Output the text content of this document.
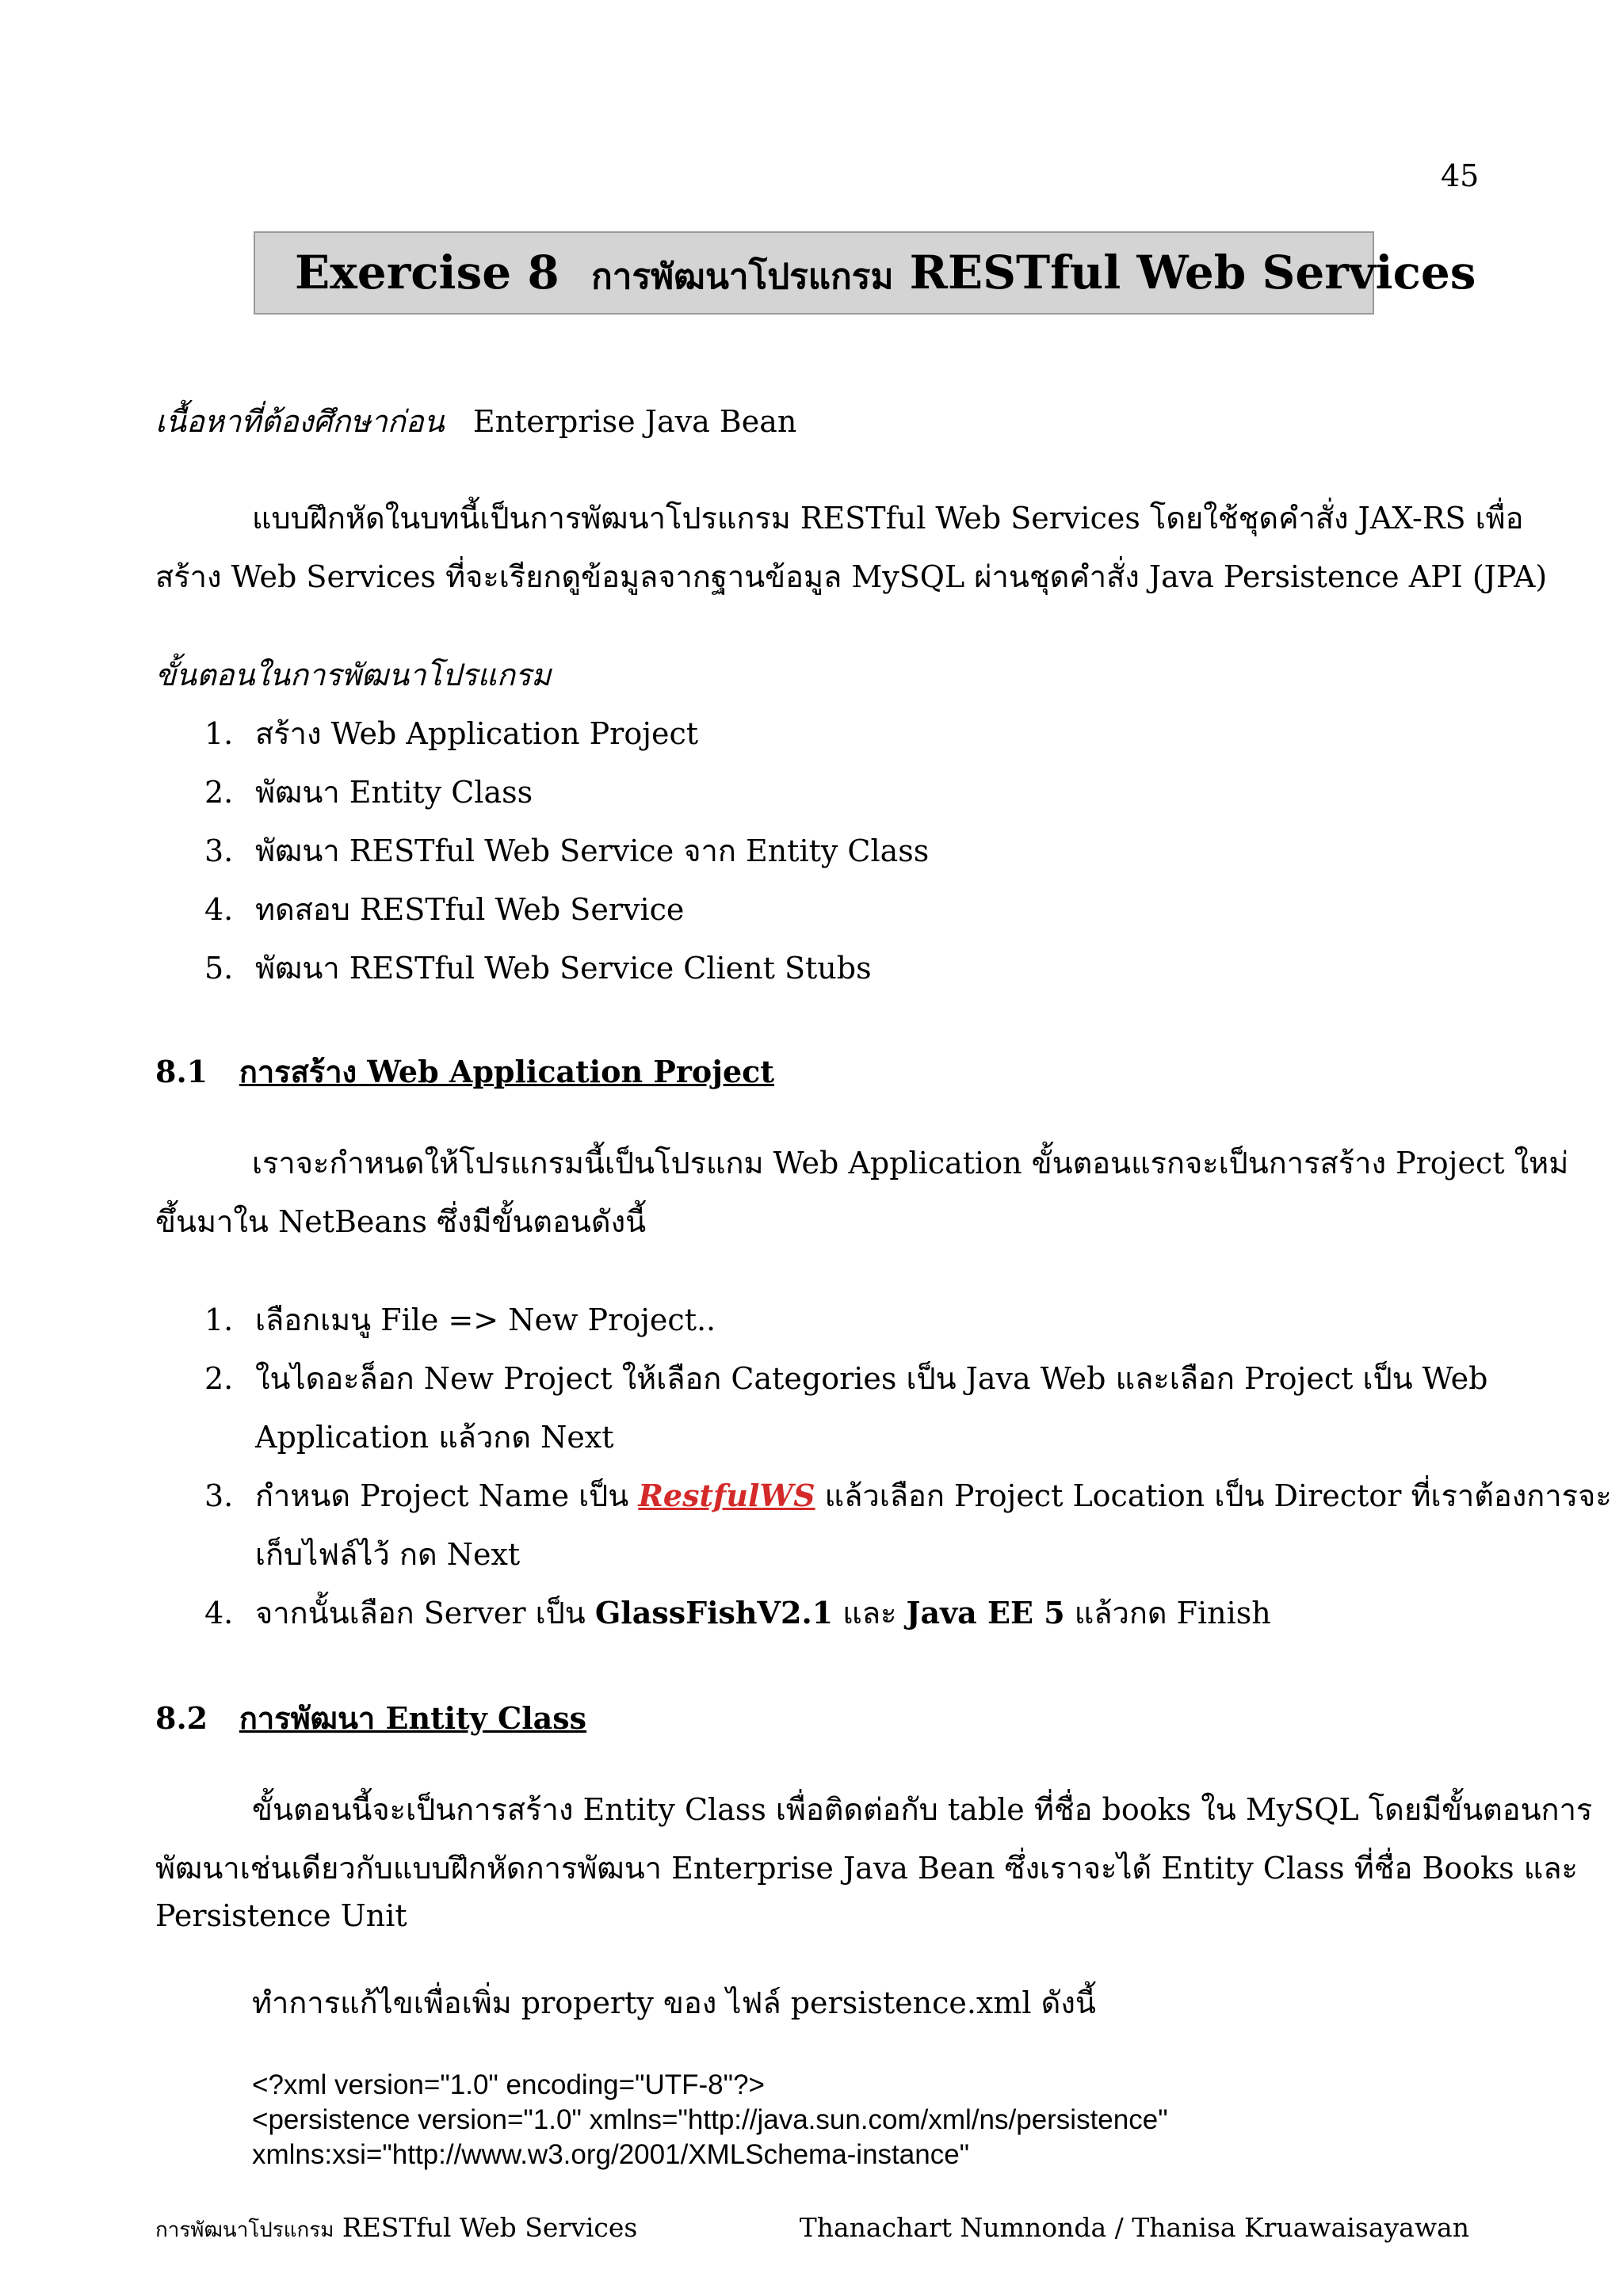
45
Exercise 8 การพัฒนาโปรแกรม RESTful Web Services
เนื้อหาที่ต้องศึกษาก่อน Enterprise Java Bean
แบบฝึกหัดในบทนี้เป็นการพัฒนาโปรแกรม RESTful Web Services โดยใช้ชุดคำสั่ง JAX-RS เพื่อ
สร้าง Web Services ที่จะเรียกดูข้อมูลจากฐานข้อมูล MySQL ผ่านชุดคำสั่ง Java Persistence API (JPA)
ขั้นตอนในการพัฒนาโปรแกรม
1. สร้าง Web Application Project
2. พัฒนา Entity Class
3. พัฒนา RESTful Web Service จาก Entity Class
4. ทดสอบ RESTful Web Service
5. พัฒนา RESTful Web Service Client Stubs
8.1 การสร้าง Web Application Project
เราจะกำหนดให้โปรแกรมนี้เป็นโปรแกม Web Application ขั้นตอนแรกจะเป็นการสร้าง Project ใหม่
ขึ้นมาใน NetBeans ซึ่งมีขั้นตอนดังนี้
1. เลือกเมนู File => New Project..
2. ในไดอะล็อก New Project ให้เลือก Categories เป็น Java Web และเลือก Project เป็น Web
Application แล้วกด Next
3. กำหนด Project Name เป็น RestfulWS แล้วเลือก Project Location เป็น Director ที่เราต้องการจะ
เก็บไฟล์ไว้ กด Next
4. จากนั้นเลือก Server เป็น GlassFishV2.1 และ Java EE 5 แล้วกด Finish
8.2 การพัฒนา Entity Class
ขั้นตอนนี้จะเป็นการสร้าง Entity Class เพื่อติดต่อกับ table ที่ชื่อ books ใน MySQL โดยมีขั้นตอนการ
พัฒนาเช่นเดียวกับแบบฝึกหัดการพัฒนา Enterprise Java Bean ซึ่งเราจะได้ Entity Class ที่ชื่อ Books และ
Persistence Unit
ทำการแก้ไขเพื่อเพิ่ม property ของ ไฟล์ persistence.xml ดังนี้
<?xml version="1.0" encoding="UTF-8"?>
<persistence version="1.0" xmlns="http://java.sun.com/xml/ns/persistence"
xmlns:xsi="http://www.w3.org/2001/XMLSchema-instance"
การพัฒนาโปรแกรม RESTful Web Services	Thanachart Numnonda / Thanisa Kruawaisayawan
